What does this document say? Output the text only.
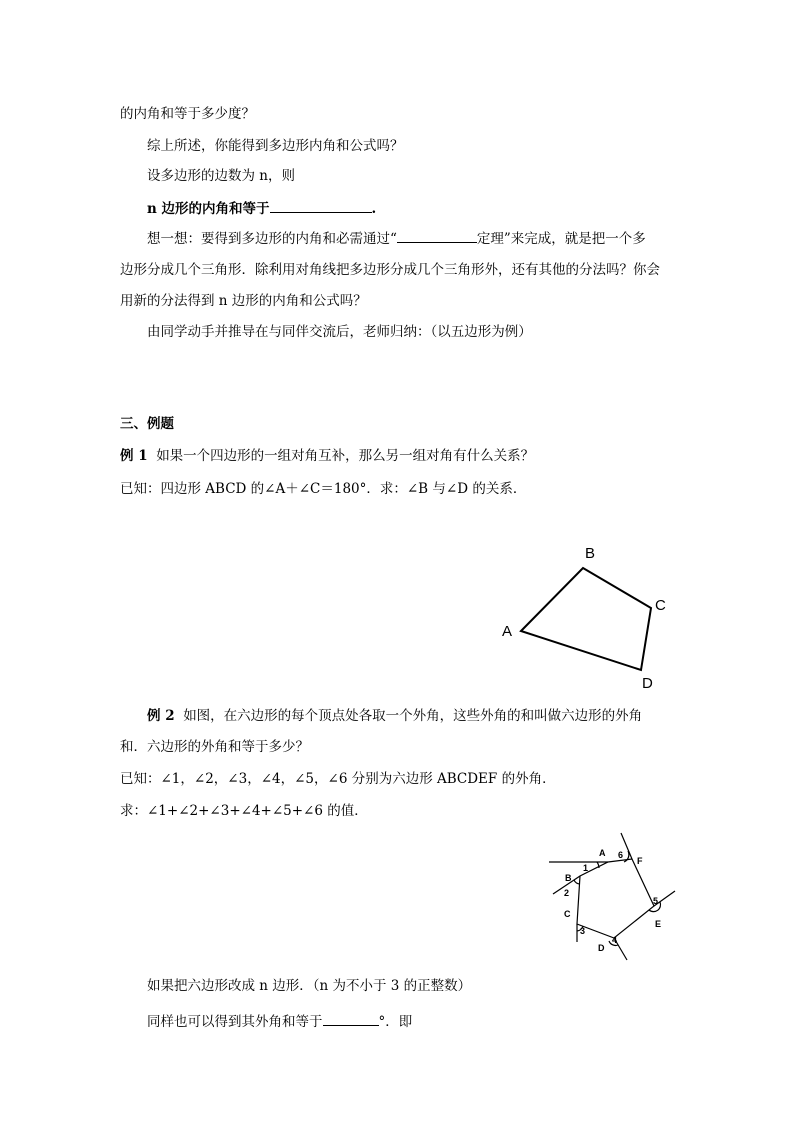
的内角和等于多少度？
综上所述，你能得到多边形内角和公式吗？
设多边形的边数为 n，则
n 边形的内角和等于	.
想一想：要得到多边形的内角和必需通过“	定理”来完成，就是把一个多
边形分成几个三角形．除利用对角线把多边形分成几个三角形外，还有其他的分法吗？你会
用新的分法得到 n 边形的内角和公式吗？
由同学动手并推导在与同伴交流后，老师归纳：（以五边形为例）
三、例题
例 1 如果一个四边形的一组对角互补，那么另一组对角有什么关系？
已知：四边形 ABCD 的∠A＋∠C＝180°．求：∠B 与∠D 的关系．
A
B
C
D
例 2 如图，在六边形的每个顶点处各取一个外角，这些外角的和叫做六边形的外角
和．六边形的外角和等于多少？
已知：∠1，∠2，∠3，∠4，∠5，∠6 分别为六边形 ABCDEF 的外角．
求：∠1+∠2+∠3+∠4+∠5+∠6 的值．
A
F
B
C
E
D
1
2
3
4
5
6
如果把六边形改成 n 边形．（n 为不小于 3 的正整数）
同样也可以得到其外角和等于	°．即
